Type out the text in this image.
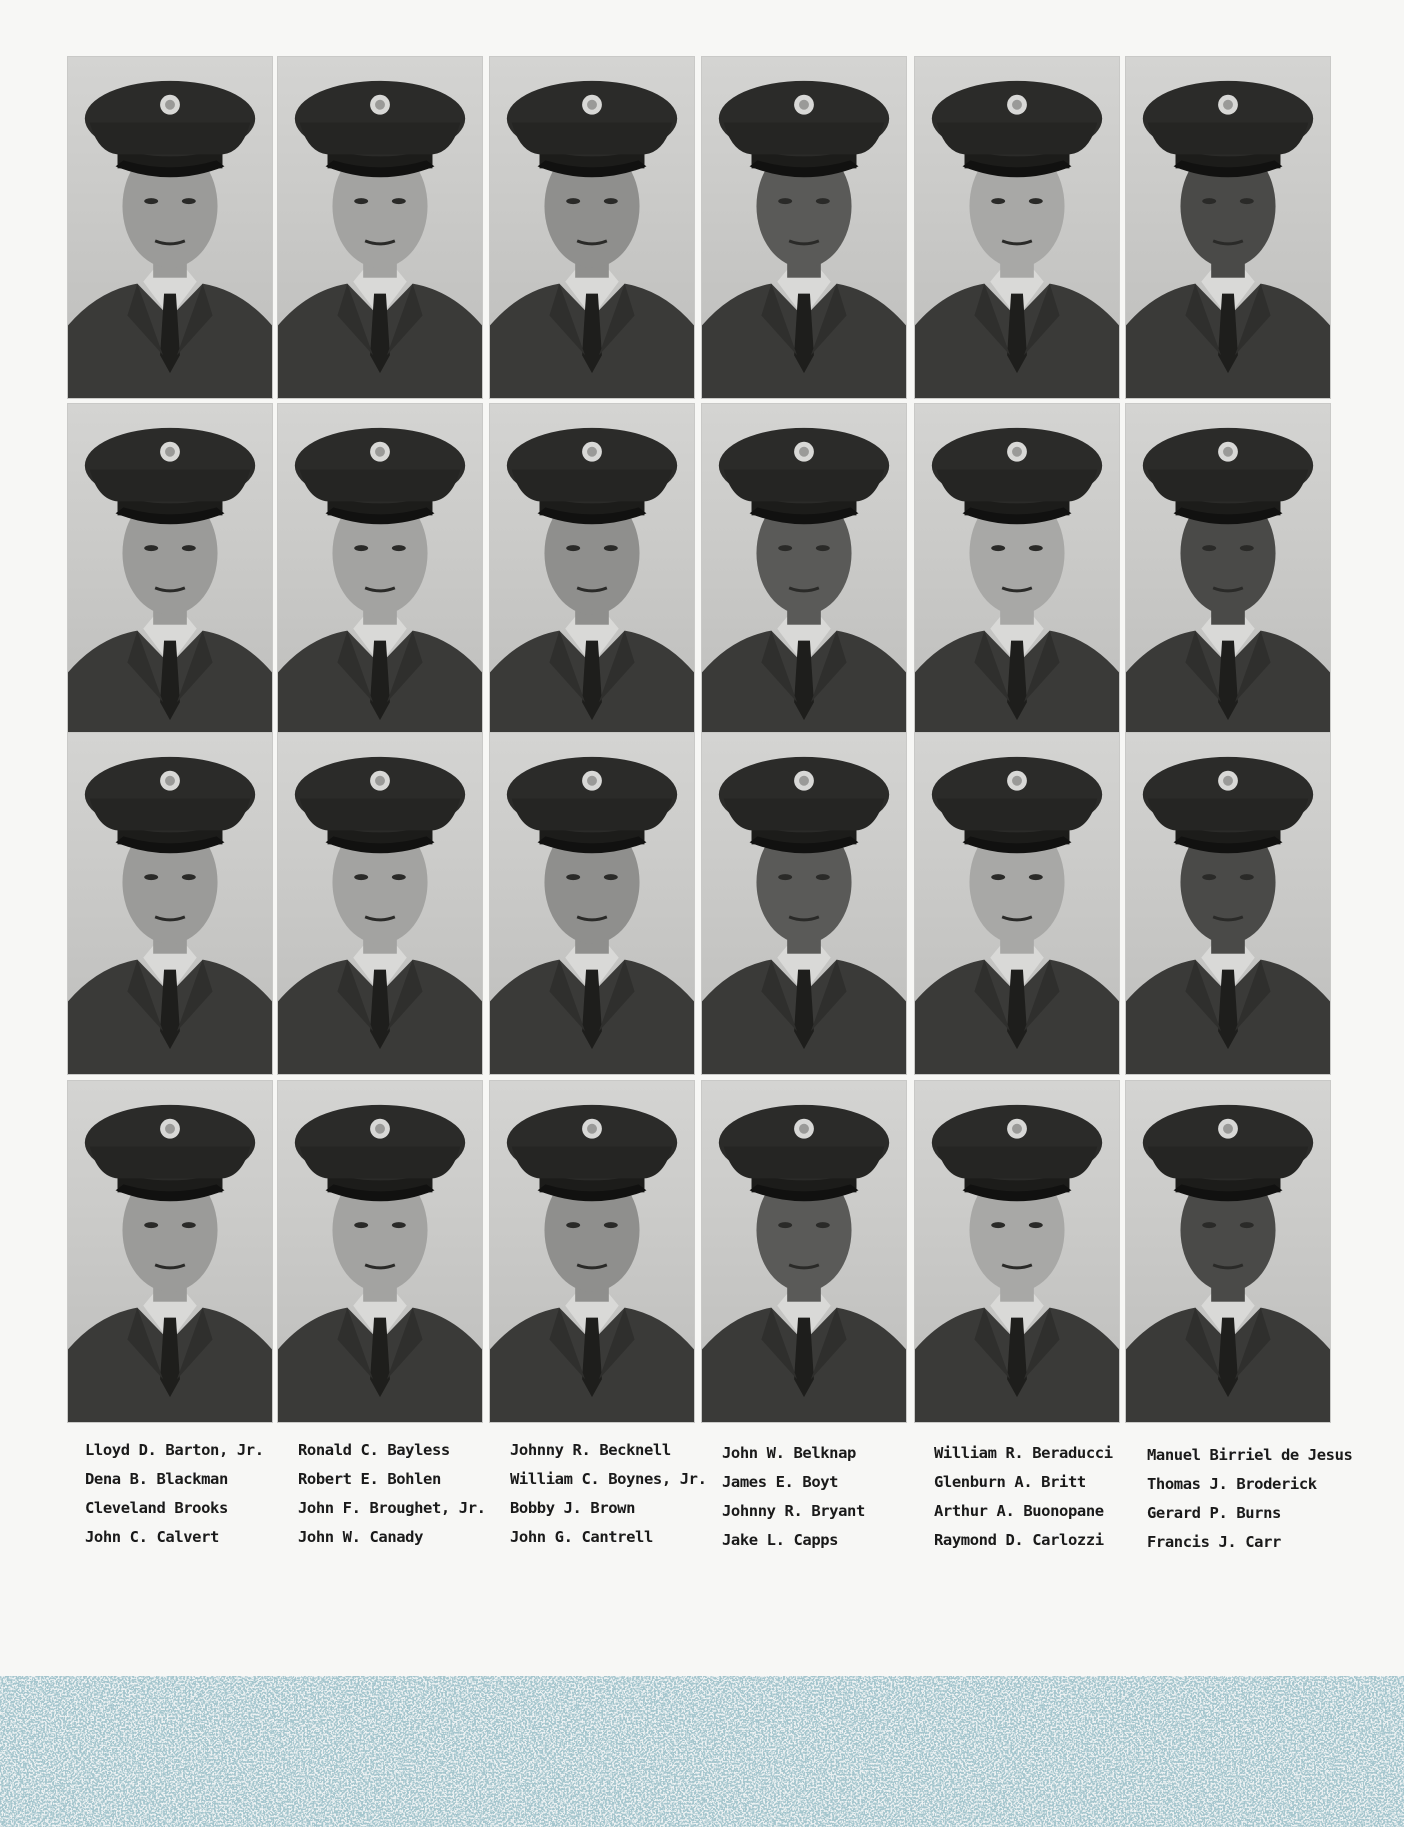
Lloyd D. Barton, Jr.
Dena B. Blackman
Cleveland Brooks
John C. Calvert
Ronald C. Bayless
Robert E. Bohlen
John F. Broughet, Jr.
John W. Canady
Johnny R. Becknell
William C. Boynes, Jr.
Bobby J. Brown
John G. Cantrell
John W. Belknap
James E. Boyt
Johnny R. Bryant
Jake L. Capps
William R. Beraducci
Glenburn A. Britt
Arthur A. Buonopane
Raymond D. Carlozzi
Manuel Birriel de Jesus
Thomas J. Broderick
Gerard P. Burns
Francis J. Carr
